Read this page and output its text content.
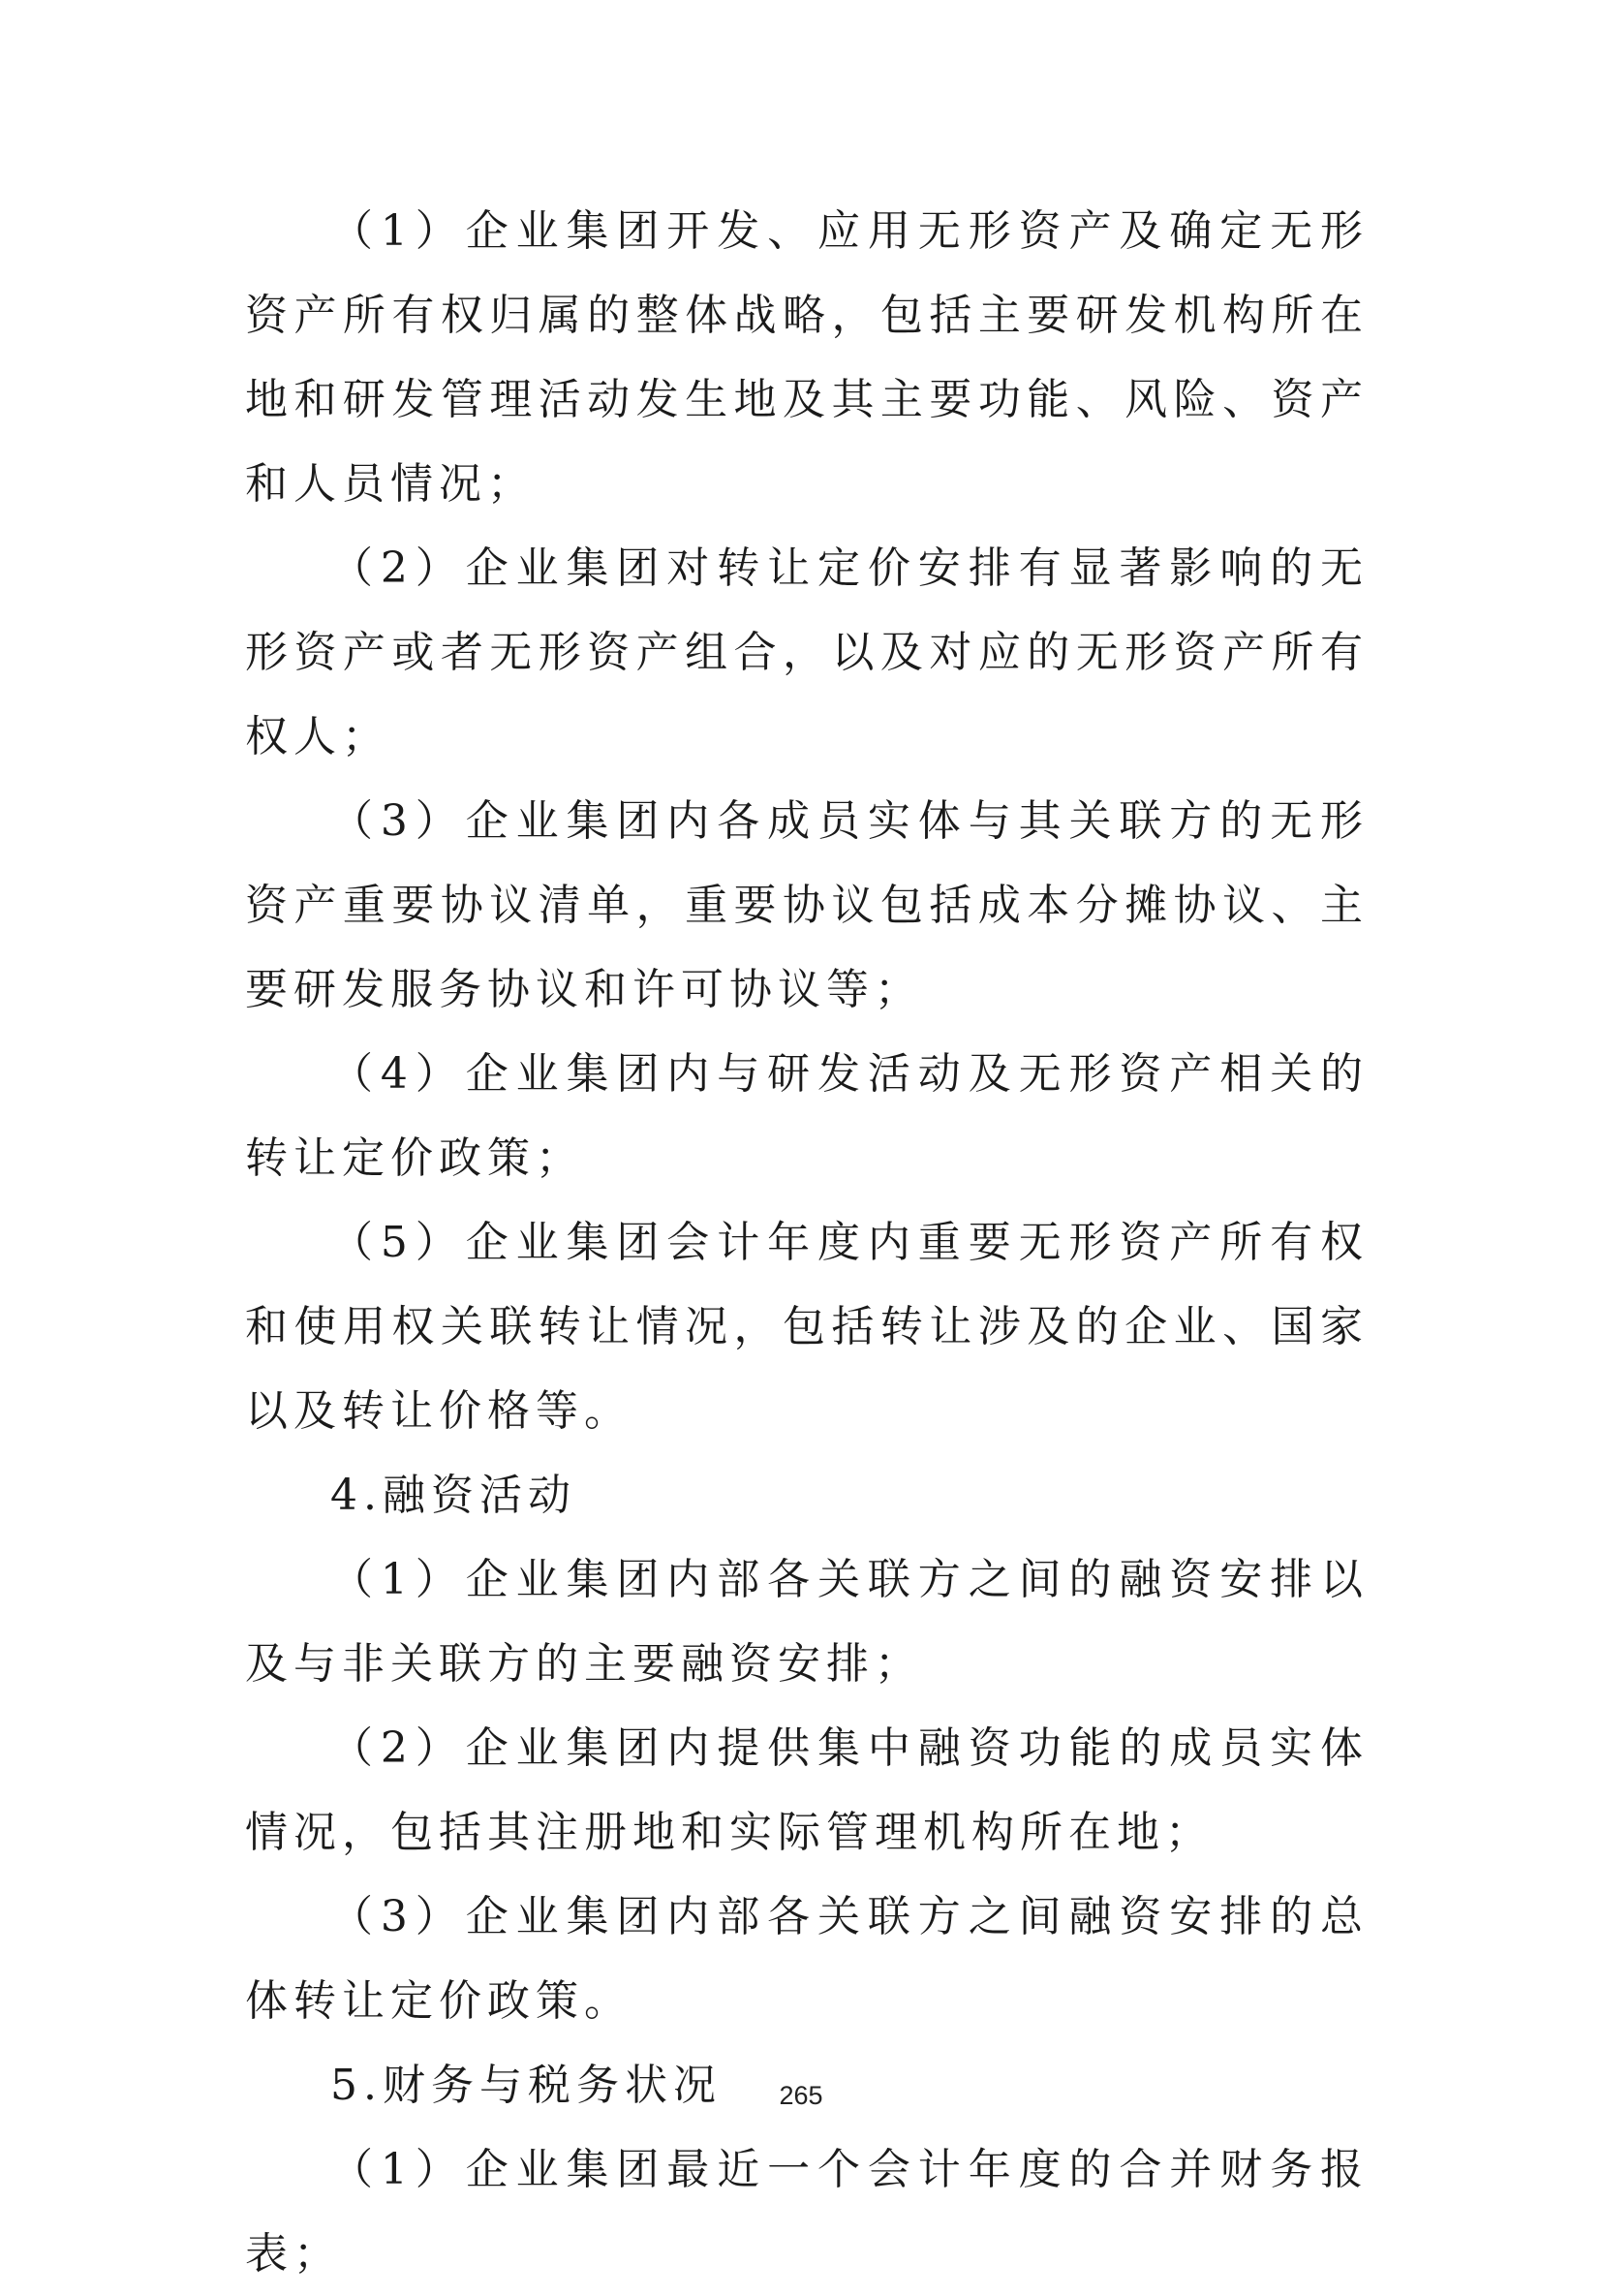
（1）企业集团开发、应用无形资产及确定无形资产所有权归属的整体战略，包括主要研发机构所在地和研发管理活动发生地及其主要功能、风险、资产和人员情况；

（2）企业集团对转让定价安排有显著影响的无形资产或者无形资产组合，以及对应的无形资产所有权人；

（3）企业集团内各成员实体与其关联方的无形资产重要协议清单，重要协议包括成本分摊协议、主要研发服务协议和许可协议等；

（4）企业集团内与研发活动及无形资产相关的转让定价政策；

（5）企业集团会计年度内重要无形资产所有权和使用权关联转让情况，包括转让涉及的企业、国家以及转让价格等。

4.融资活动

（1）企业集团内部各关联方之间的融资安排以及与非关联方的主要融资安排；

（2）企业集团内提供集中融资功能的成员实体情况，包括其注册地和实际管理机构所在地；

（3）企业集团内部各关联方之间融资安排的总体转让定价政策。

5.财务与税务状况

（1）企业集团最近一个会计年度的合并财务报表；

265
